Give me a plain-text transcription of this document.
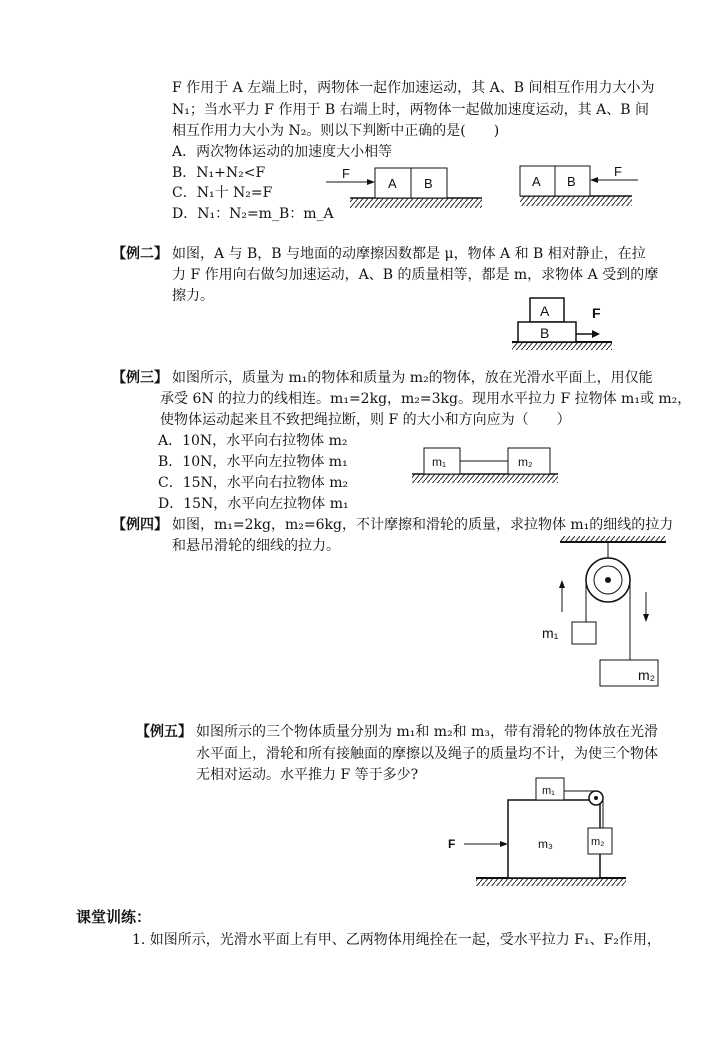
F 作用于 A 左端上时，两物体一起作加速运动，其 A、B 间相互作用力大小为
N₁；当水平力 F 作用于 B 右端上时，两物体一起做加速度运动，其 A、B 间
相互作用力大小为 N₂。则以下判断中正确的是(　　)
A．两次物体运动的加速度大小相等
B．N₁+N₂<F
C．N₁十 N₂=F
D．N₁：N₂=m_B：m_A
F
A B
F
A B
【例二】 如图，A 与 B，B 与地面的动摩擦因数都是 μ，物体 A 和 B 相对静止，在拉
力 F 作用向右做匀加速运动，A、B 的质量相等，都是 m，求物体 A 受到的摩
擦力。
A
B
F
【例三】 如图所示，质量为 m₁的物体和质量为 m₂的物体，放在光滑水平面上，用仅能
承受 6N 的拉力的线相连。m₁=2kg，m₂=3kg。现用水平拉力 F 拉物体 m₁或 m₂，
使物体运动起来且不致把绳拉断，则 F 的大小和方向应为（　　）
A．10N，水平向右拉物体 m₂
B．10N，水平向左拉物体 m₁
C．15N，水平向右拉物体 m₂
D．15N，水平向左拉物体 m₁
m₁	m₂
【例四】 如图，m₁=2kg，m₂=6kg，不计摩擦和滑轮的质量，求拉物体 m₁的细线的拉力
和悬吊滑轮的细线的拉力。
m₁
m₂
【例五】 如图所示的三个物体质量分别为 m₁和 m₂和 m₃，带有滑轮的物体放在光滑
水平面上，滑轮和所有接触面的摩擦以及绳子的质量均不计，为使三个物体
无相对运动。水平推力 F 等于多少?
F
m₁
m₂
m₃
课堂训练：
1. 如图所示，光滑水平面上有甲、乙两物体用绳拴在一起，受水平拉力 F₁、F₂作用，
